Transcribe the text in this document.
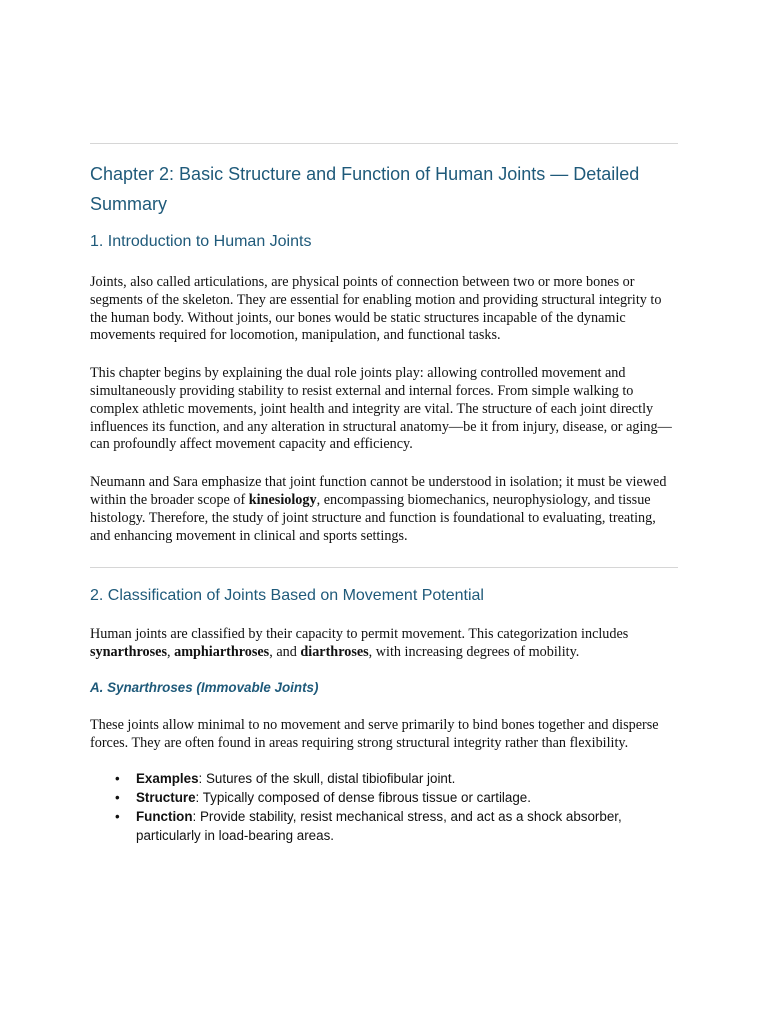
Chapter 2: Basic Structure and Function of Human Joints — Detailed Summary
1. Introduction to Human Joints

Joints, also called articulations, are physical points of connection between two or more bones or segments of the skeleton. They are essential for enabling motion and providing structural integrity to the human body. Without joints, our bones would be static structures incapable of the dynamic movements required for locomotion, manipulation, and functional tasks.

This chapter begins by explaining the dual role joints play: allowing controlled movement and simultaneously providing stability to resist external and internal forces. From simple walking to complex athletic movements, joint health and integrity are vital. The structure of each joint directly influences its function, and any alteration in structural anatomy—be it from injury, disease, or aging—can profoundly affect movement capacity and efficiency.

Neumann and Sara emphasize that joint function cannot be understood in isolation; it must be viewed within the broader scope of kinesiology, encompassing biomechanics, neurophysiology, and tissue histology. Therefore, the study of joint structure and function is foundational to evaluating, treating, and enhancing movement in clinical and sports settings.

2. Classification of Joints Based on Movement Potential

Human joints are classified by their capacity to permit movement. This categorization includes synarthroses, amphiarthroses, and diarthroses, with increasing degrees of mobility.

A. Synarthroses (Immovable Joints)

These joints allow minimal to no movement and serve primarily to bind bones together and disperse forces. They are often found in areas requiring strong structural integrity rather than flexibility.

• Examples: Sutures of the skull, distal tibiofibular joint.
• Structure: Typically composed of dense fibrous tissue or cartilage.
• Function: Provide stability, resist mechanical stress, and act as a shock absorber, particularly in load-bearing areas.
